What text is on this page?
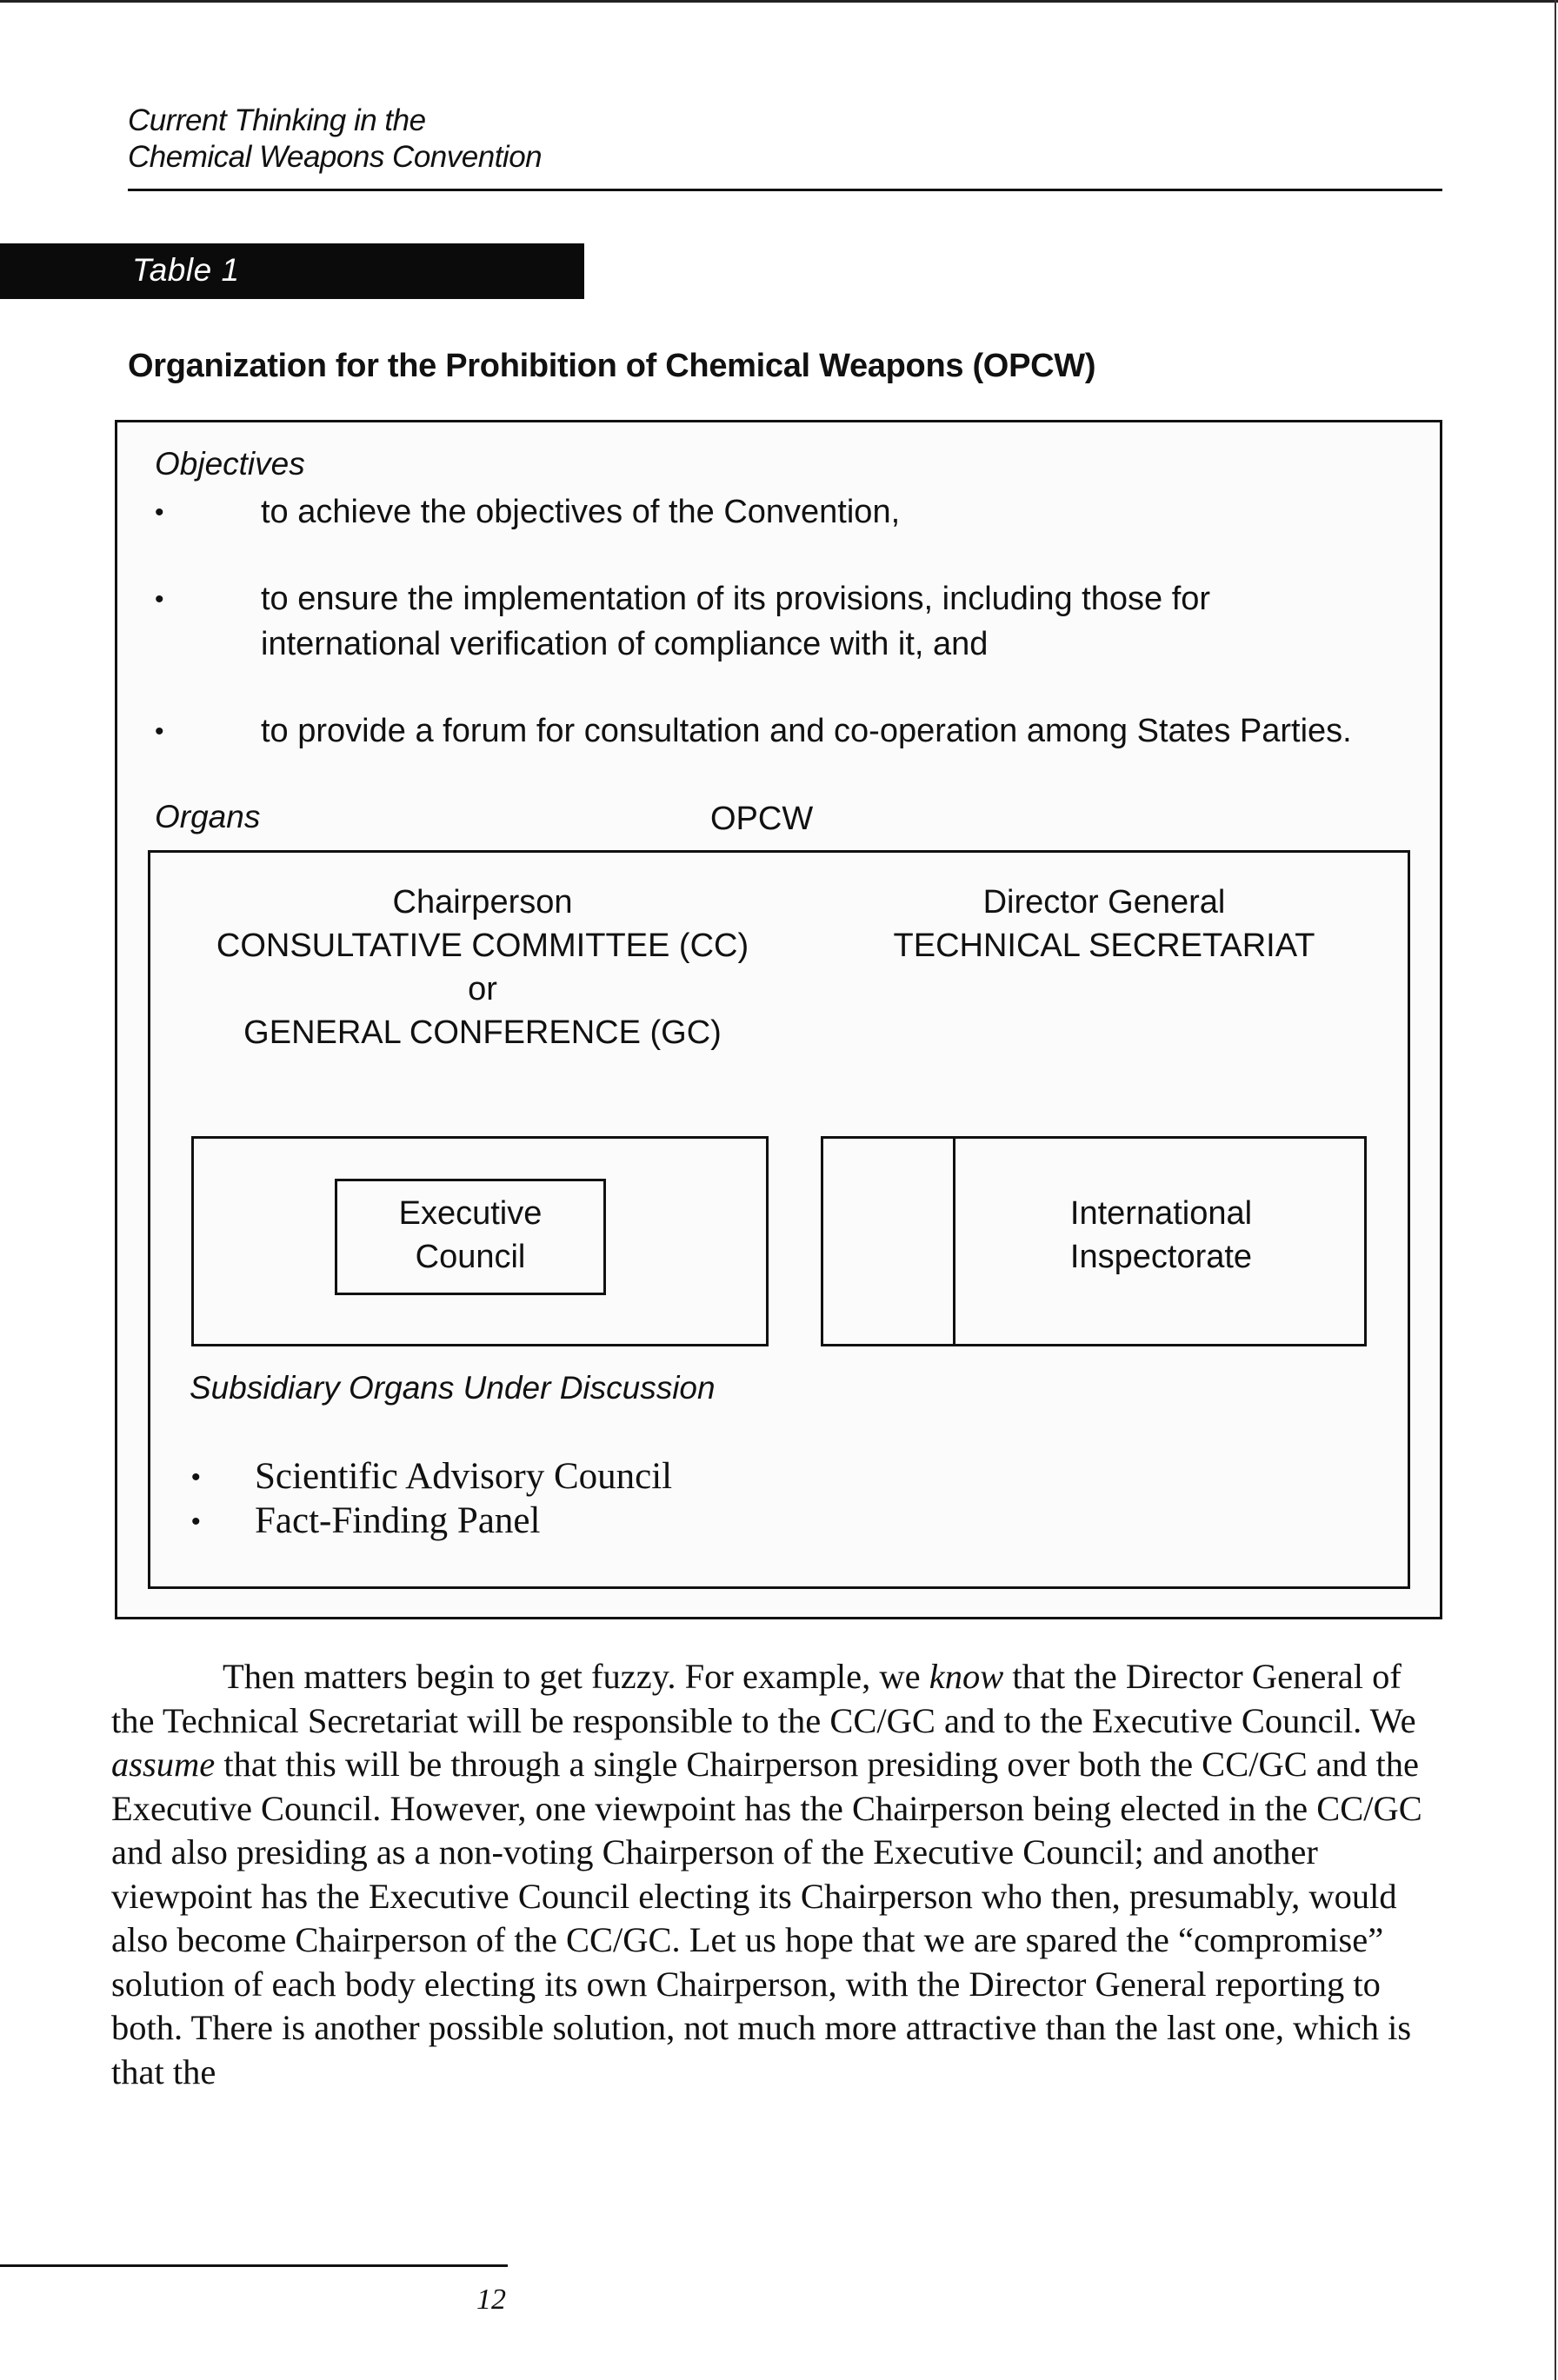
Current Thinking in the
Chemical Weapons Convention
Table 1
Organization for the Prohibition of Chemical Weapons (OPCW)
Objectives
•	to achieve the objectives of the Convention,
•	to ensure the implementation of its provisions, including those for
international verification of compliance with it, and
•	to provide a forum for consultation and co-operation among States Parties.
Organs	OPCW
Chairperson
CONSULTATIVE COMMITTEE (CC)
or
GENERAL CONFERENCE (GC)
Director General
TECHNICAL SECRETARIAT
Executive
Council
International
Inspectorate
Subsidiary Organs Under Discussion
• Scientific Advisory Council
• Fact-Finding Panel

Then matters begin to get fuzzy. For example, we know that the Director General of the Technical Secretariat will be responsible to the CC/GC and to the Executive Council. We assume that this will be through a single Chairperson presiding over both the CC/GC and the Executive Council. However, one viewpoint has the Chairperson being elected in the CC/GC and also presiding as a non-voting Chairperson of the Executive Council; and another viewpoint has the Executive Council electing its Chairperson who then, presumably, would also become Chairperson of the CC/GC. Let us hope that we are spared the “compromise” solution of each body electing its own Chairperson, with the Director General reporting to both. There is another possible solution, not much more attractive than the last one, which is that the

12
